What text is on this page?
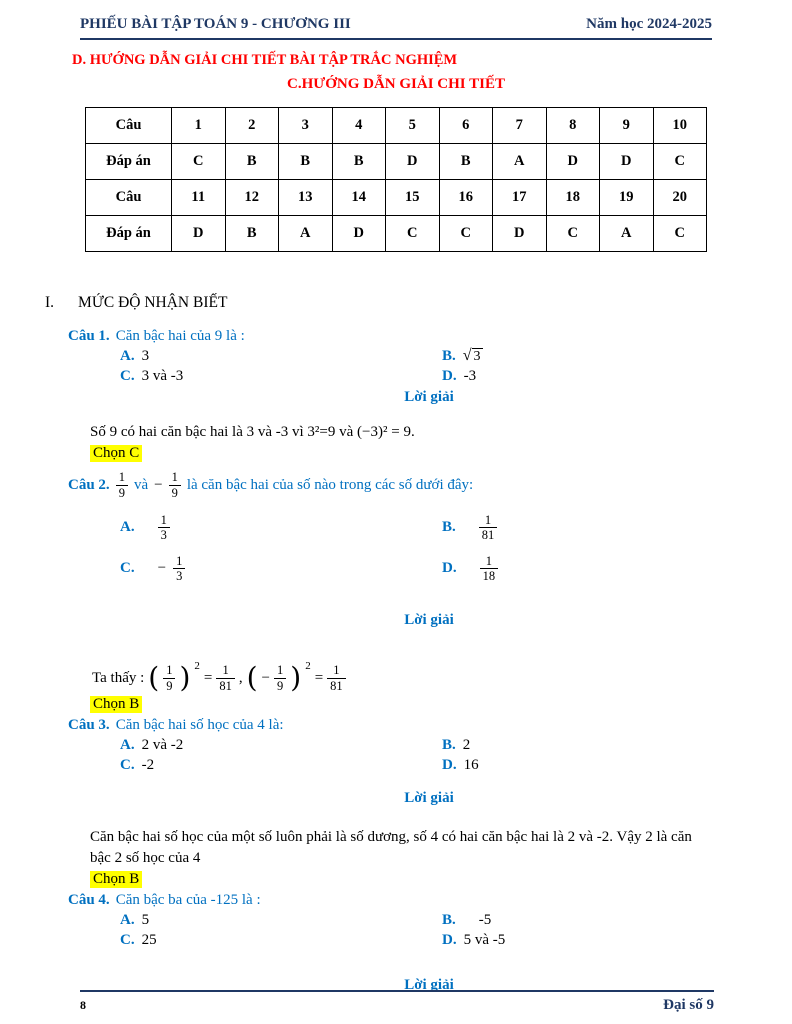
PHIẾU BÀI TẬP TOÁN 9 - CHƯƠNG III	Năm học 2024-2025
D. HƯỚNG DẪN GIẢI CHI TIẾT BÀI TẬP TRẮC NGHIỆM
C.HƯỚNG DẪN GIẢI CHI TIẾT
Câu	1	2	3	4	5	6	7	8	9	10
Đáp án	C	B	B	B	D	B	A	D	D	C
Câu	11	12	13	14	15	16	17	18	19	20
Đáp án	D	B	A	D	C	C	D	C	A	C
I. MỨC ĐỘ NHẬN BIẾT
Câu 1. Căn bậc hai của 9 là :
A. 3	B. √ 3
C. 3 và -3	D. -3
Lời giải
Số 9 có hai căn bậc hai là 3 và -3 vì 3²=9 và (−3)² = 9.
Chọn C
Câu 2. $\frac{1}{9}$ và − $\frac{1}{9}$ là căn bậc hai của số nào trong các số dưới đây:
A. $\frac{1}{3}$	B. $\frac{1}{81}$
C. − $\frac{1}{3}$	D. $\frac{1}{18}$
Lời giải
Ta thấy : ( $\frac{1}{9}$ ) 2
= $\frac{1}{81}$ , ( − $\frac{1}{9}$ ) 2
= $\frac{1}{81}$
Chọn B
Câu 3. Căn bậc hai số học của 4 là:
A. 2 và -2	B. 2
C. -2	D. 16
Lời giải
Căn bậc hai số học của một số luôn phải là số dương, số 4 có hai căn bậc hai là 2 và -2. Vậy 2 là căn bậc 2 số học của 4
Chọn B
Câu 4. Căn bậc ba của -125 là :
A. 5	B. -5
C. 25	D. 5 và -5
Lời giải
8	Đại số 9
